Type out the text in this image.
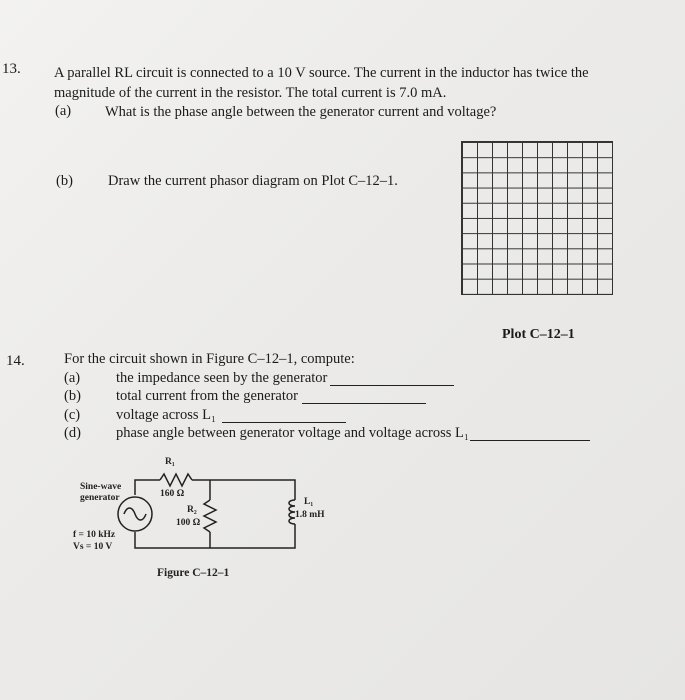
13. A parallel RL circuit is connected to a 10 V source. The current in the inductor has twice the
magnitude of the current in the resistor. The total current is 7.0 mA.
(a) What is the phase angle between the generator current and voltage?
(b) Draw the current phasor diagram on Plot C–12–1.
Plot C–12–1
14.	For the circuit shown in Figure C–12–1, compute:
(a) the impedance seen by the generator
(b) total current from the generator
(c) voltage across L₁
(d) phase angle between generator voltage and voltage across L₁
R₁
160 Ω
R₂
100 Ω
L₁
1.8 mH
Sine-wave
generator
f = 10 kHz
Vs = 10 V
Figure C–12–1
